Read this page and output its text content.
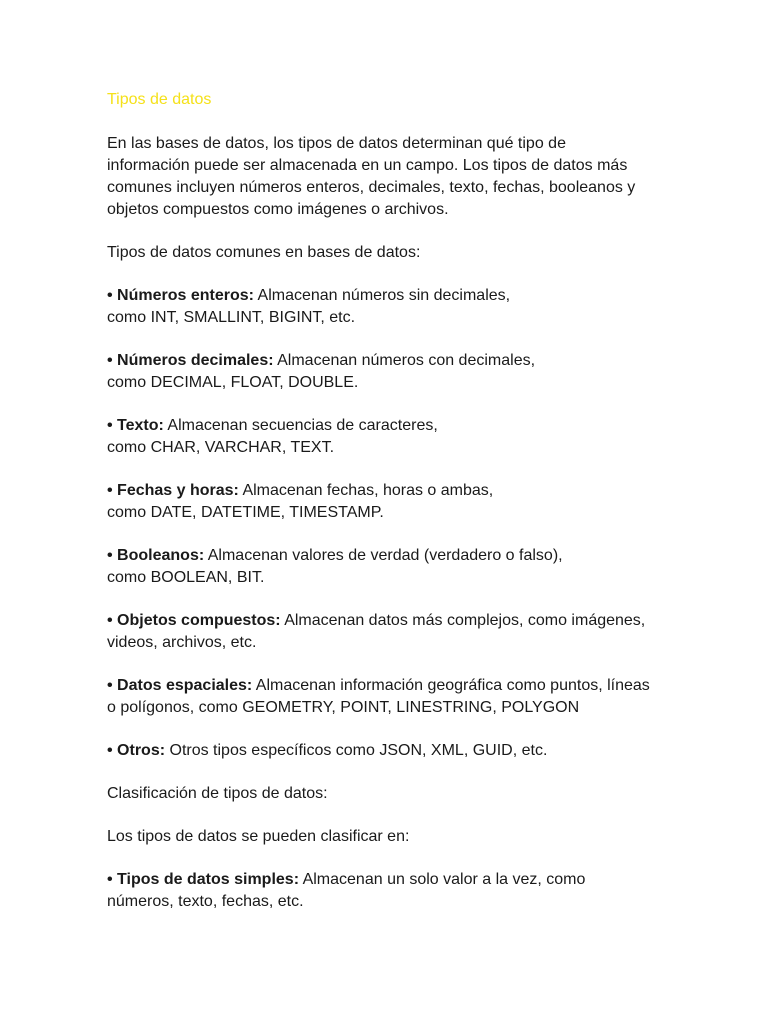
Tipos de datos
En las bases de datos, los tipos de datos determinan qué tipo de
información puede ser almacenada en un campo. Los tipos de datos más
comunes incluyen números enteros, decimales, texto, fechas, booleanos y
objetos compuestos como imágenes o archivos.
Tipos de datos comunes en bases de datos:
• Números enteros: Almacenan números sin decimales,
como INT, SMALLINT, BIGINT, etc.
• Números decimales: Almacenan números con decimales,
como DECIMAL, FLOAT, DOUBLE.
• Texto: Almacenan secuencias de caracteres,
como CHAR, VARCHAR, TEXT.
• Fechas y horas: Almacenan fechas, horas o ambas,
como DATE, DATETIME, TIMESTAMP.
• Booleanos: Almacenan valores de verdad (verdadero o falso),
como BOOLEAN, BIT.
• Objetos compuestos: Almacenan datos más complejos, como imágenes,
videos, archivos, etc.
• Datos espaciales: Almacenan información geográfica como puntos, líneas
o polígonos, como GEOMETRY, POINT, LINESTRING, POLYGON
• Otros: Otros tipos específicos como JSON, XML, GUID, etc.
Clasificación de tipos de datos:
Los tipos de datos se pueden clasificar en:
• Tipos de datos simples: Almacenan un solo valor a la vez, como
números, texto, fechas, etc.
